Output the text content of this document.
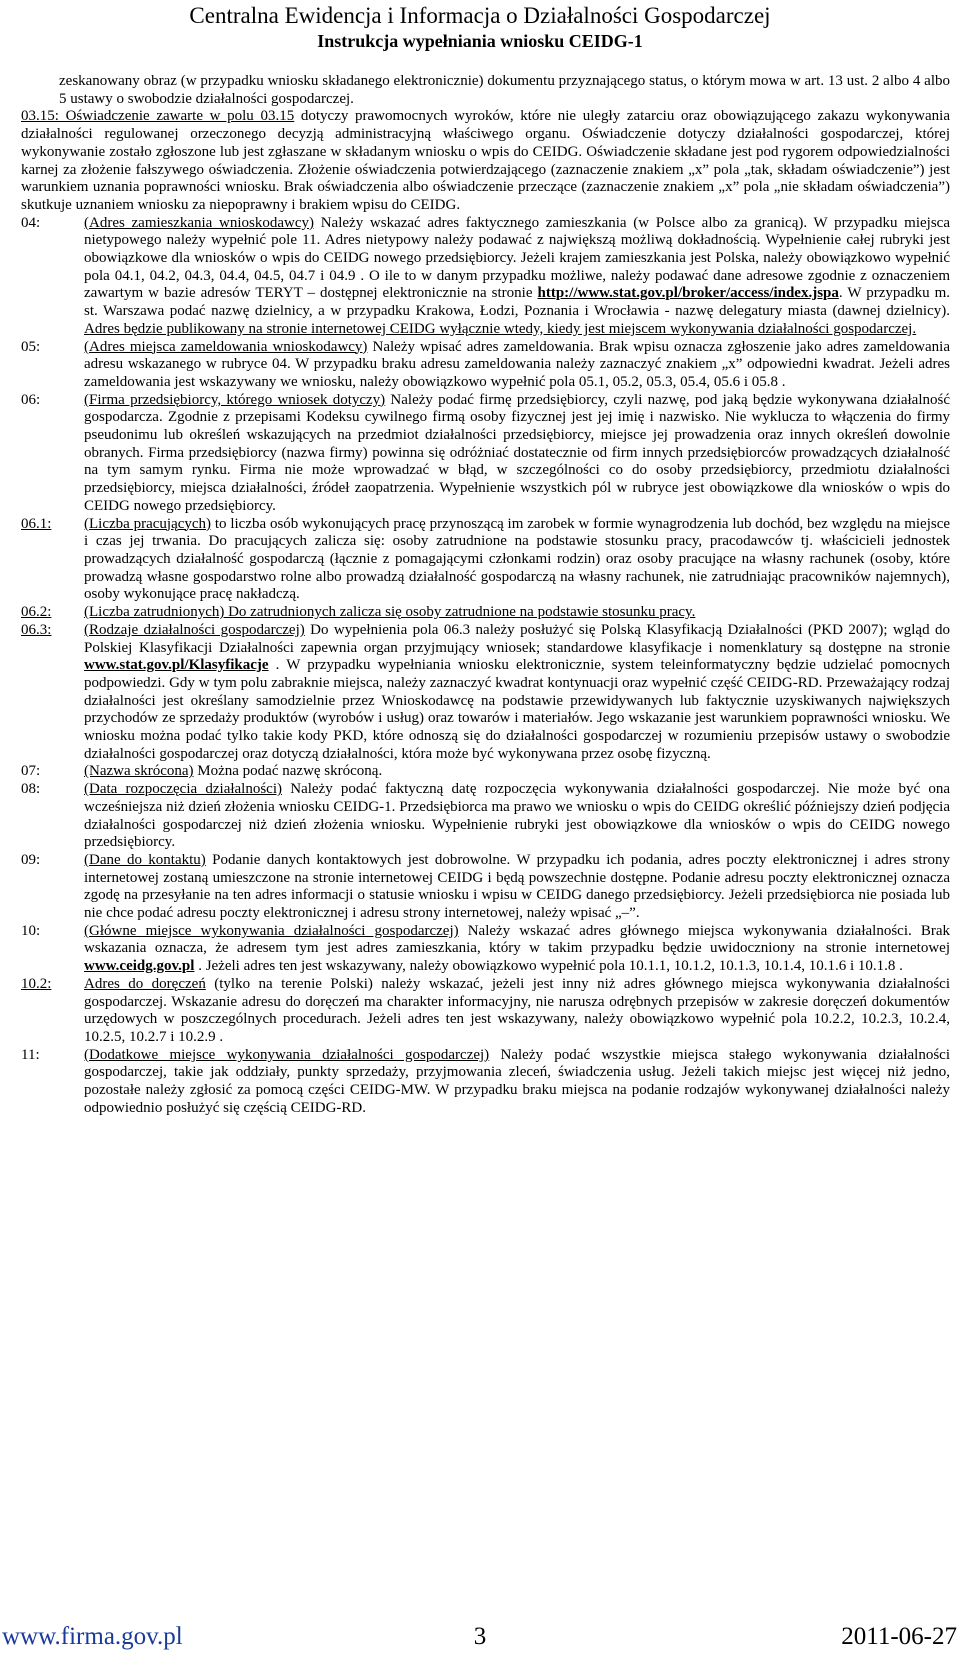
Centralna Ewidencja i Informacja o Działalności Gospodarczej
Instrukcja wypełniania wniosku CEIDG-1

zeskanowany obraz (w przypadku wniosku składanego elektronicznie) dokumentu przyznającego status, o którym mowa w art. 13 ust. 2 albo 4 albo 5 ustawy o swobodzie działalności gospodarczej.

03.15: Oświadczenie zawarte w polu 03.15 dotyczy prawomocnych wyroków, które nie uległy zatarciu oraz obowiązującego zakazu wykonywania działalności regulowanej orzeczonego decyzją administracyjną właściwego organu. Oświadczenie dotyczy działalności gospodarczej, której wykonywanie zostało zgłoszone lub jest zgłaszane w składanym wniosku o wpis do CEIDG. Oświadczenie składane jest pod rygorem odpowiedzialności karnej za złożenie fałszywego oświadczenia. Złożenie oświadczenia potwierdzającego (zaznaczenie znakiem „x” pola „tak, składam oświadczenie”) jest warunkiem uznania poprawności wniosku. Brak oświadczenia albo oświadczenie przeczące (zaznaczenie znakiem „x” pola „nie składam oświadczenia”) skutkuje uznaniem wniosku za niepoprawny i brakiem wpisu do CEIDG.

04:	(Adres zamieszkania wnioskodawcy) Należy wskazać adres faktycznego zamieszkania (w Polsce albo za granicą). W przypadku miejsca nietypowego należy wypełnić pole 11. Adres nietypowy należy podawać z największą możliwą dokładnością. Wypełnienie całej rubryki jest obowiązkowe dla wniosków o wpis do CEIDG nowego przedsiębiorcy. Jeżeli krajem zamieszkania jest Polska, należy obowiązkowo wypełnić pola 04.1, 04.2, 04.3, 04.4, 04.5, 04.7 i 04.9 . O ile to w danym przypadku możliwe, należy podawać dane adresowe zgodnie z oznaczeniem zawartym w bazie adresów TERYT – dostępnej elektronicznie na stronie http://www.stat.gov.pl/broker/access/index.jspa. W przypadku m. st. Warszawa podać nazwę dzielnicy, a w przypadku Krakowa, Łodzi, Poznania i Wrocławia - nazwę delegatury miasta (dawnej dzielnicy). Adres będzie publikowany na stronie internetowej CEIDG wyłącznie wtedy, kiedy jest miejscem wykonywania działalności gospodarczej.
05:	(Adres miejsca zameldowania wnioskodawcy) Należy wpisać adres zameldowania. Brak wpisu oznacza zgłoszenie jako adres zameldowania adresu wskazanego w rubryce 04. W przypadku braku adresu zameldowania należy zaznaczyć znakiem „x” odpowiedni kwadrat. Jeżeli adres zameldowania jest wskazywany we wniosku, należy obowiązkowo wypełnić pola 05.1, 05.2, 05.3, 05.4, 05.6 i 05.8 .
06:	(Firma przedsiębiorcy, którego wniosek dotyczy) Należy podać firmę przedsiębiorcy, czyli nazwę, pod jaką będzie wykonywana działalność gospodarcza. Zgodnie z przepisami Kodeksu cywilnego firmą osoby fizycznej jest jej imię i nazwisko. Nie wyklucza to włączenia do firmy pseudonimu lub określeń wskazujących na przedmiot działalności przedsiębiorcy, miejsce jej prowadzenia oraz innych określeń dowolnie obranych. Firma przedsiębiorcy (nazwa firmy) powinna się odróżniać dostatecznie od firm innych przedsiębiorców prowadzących działalność na tym samym rynku. Firma nie może wprowadzać w błąd, w szczególności co do osoby przedsiębiorcy, przedmiotu działalności przedsiębiorcy, miejsca działalności, źródeł zaopatrzenia. Wypełnienie wszystkich pól w rubryce jest obowiązkowe dla wniosków o wpis do CEIDG nowego przedsiębiorcy.
06.1:	(Liczba pracujących) to liczba osób wykonujących pracę przynoszącą im zarobek w formie wynagrodzenia lub dochód, bez względu na miejsce i czas jej trwania. Do pracujących zalicza się: osoby zatrudnione na podstawie stosunku pracy, pracodawców tj. właścicieli jednostek prowadzących działalność gospodarczą (łącznie z pomagającymi członkami rodzin) oraz osoby pracujące na własny rachunek (osoby, które prowadzą własne gospodarstwo rolne albo prowadzą działalność gospodarczą na własny rachunek, nie zatrudniając pracowników najemnych), osoby wykonujące pracę nakładczą.
06.2:	(Liczba zatrudnionych) Do zatrudnionych zalicza się osoby zatrudnione na podstawie stosunku pracy.
06.3:	(Rodzaje działalności gospodarczej) Do wypełnienia pola 06.3 należy posłużyć się Polską Klasyfikacją Działalności (PKD 2007); wgląd do Polskiej Klasyfikacji Działalności zapewnia organ przyjmujący wniosek; standardowe klasyfikacje i nomenklatury są dostępne na stronie www.stat.gov.pl/Klasyfikacje . W przypadku wypełniania wniosku elektronicznie, system teleinformatyczny będzie udzielać pomocnych podpowiedzi. Gdy w tym polu zabraknie miejsca, należy zaznaczyć kwadrat kontynuacji oraz wypełnić część CEIDG-RD. Przeważający rodzaj działalności jest określany samodzielnie przez Wnioskodawcę na podstawie przewidywanych lub faktycznie uzyskiwanych największych przychodów ze sprzedaży produktów (wyrobów i usług) oraz towarów i materiałów. Jego wskazanie jest warunkiem poprawności wniosku. We wniosku można podać tylko takie kody PKD, które odnoszą się do działalności gospodarczej w rozumieniu przepisów ustawy o swobodzie działalności gospodarczej oraz dotyczą działalności, która może być wykonywana przez osobę fizyczną.
07:	(Nazwa skrócona) Można podać nazwę skróconą.
08:	(Data rozpoczęcia działalności) Należy podać faktyczną datę rozpoczęcia wykonywania działalności gospodarczej. Nie może być ona wcześniejsza niż dzień złożenia wniosku CEIDG-1. Przedsiębiorca ma prawo we wniosku o wpis do CEIDG określić późniejszy dzień podjęcia działalności gospodarczej niż dzień złożenia wniosku. Wypełnienie rubryki jest obowiązkowe dla wniosków o wpis do CEIDG nowego przedsiębiorcy.
09:	(Dane do kontaktu) Podanie danych kontaktowych jest dobrowolne. W przypadku ich podania, adres poczty elektronicznej i adres strony internetowej zostaną umieszczone na stronie internetowej CEIDG i będą powszechnie dostępne. Podanie adresu poczty elektronicznej oznacza zgodę na przesyłanie na ten adres informacji o statusie wniosku i wpisu w CEIDG danego przedsiębiorcy. Jeżeli przedsiębiorca nie posiada lub nie chce podać adresu poczty elektronicznej i adresu strony internetowej, należy wpisać „–”.
10:	(Główne miejsce wykonywania działalności gospodarczej) Należy wskazać adres głównego miejsca wykonywania działalności. Brak wskazania oznacza, że adresem tym jest adres zamieszkania, który w takim przypadku będzie uwidoczniony na stronie internetowej www.ceidg.gov.pl . Jeżeli adres ten jest wskazywany, należy obowiązkowo wypełnić pola 10.1.1, 10.1.2, 10.1.3, 10.1.4, 10.1.6 i 10.1.8 .
10.2:	Adres do doręczeń (tylko na terenie Polski) należy wskazać, jeżeli jest inny niż adres głównego miejsca wykonywania działalności gospodarczej. Wskazanie adresu do doręczeń ma charakter informacyjny, nie narusza odrębnych przepisów w zakresie doręczeń dokumentów urzędowych w poszczególnych procedurach. Jeżeli adres ten jest wskazywany, należy obowiązkowo wypełnić pola 10.2.2, 10.2.3, 10.2.4, 10.2.5, 10.2.7 i 10.2.9 .
11:	(Dodatkowe miejsce wykonywania działalności gospodarczej) Należy podać wszystkie miejsca stałego wykonywania działalności gospodarczej, takie jak oddziały, punkty sprzedaży, przyjmowania zleceń, świadczenia usług. Jeżeli takich miejsc jest więcej niż jedno, pozostałe należy zgłosić za pomocą części CEIDG-MW. W przypadku braku miejsca na podanie rodzajów wykonywanej działalności należy odpowiednio posłużyć się częścią CEIDG-RD.
www.firma.gov.pl	3	2011-06-27
